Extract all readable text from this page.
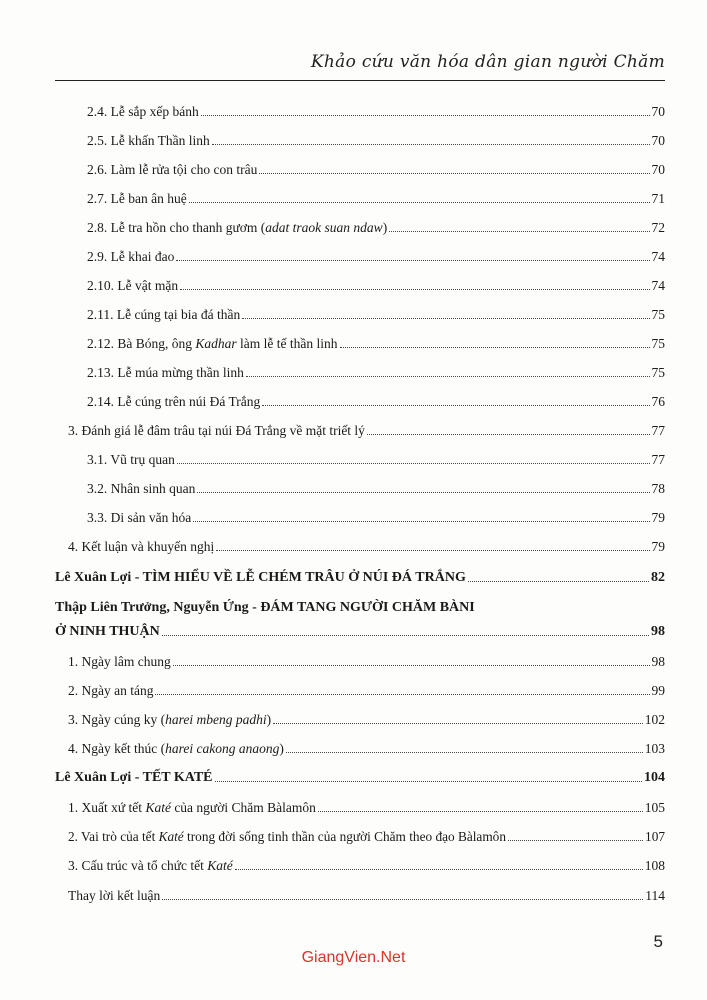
Khảo cứu văn hóa dân gian người Chăm
2.4. Lễ sắp xếp bánh	70
2.5. Lễ khấn Thần linh	70
2.6. Làm lễ rửa tội cho con trâu	70
2.7. Lễ ban ân huệ	71
2.8. Lễ tra hồn cho thanh gươm (adat traok suan ndaw)	72
2.9. Lễ khai đao	74
2.10. Lễ vật mặn	74
2.11. Lễ cúng tại bia đá thần	75
2.12. Bà Bóng, ông Kadhar làm lễ tế thần linh	75
2.13. Lễ múa mừng thần linh	75
2.14. Lễ cúng trên núi Đá Trắng	76
3. Đánh giá lễ đâm trâu tại núi Đá Trắng về mặt triết lý	77
3.1. Vũ trụ quan	77
3.2. Nhân sinh quan	78
3.3. Di sản văn hóa	79
4. Kết luận và khuyến nghị	79
Lê Xuân Lợi - TÌM HIỂU VỀ LỄ CHÉM TRÂU Ở NÚI ĐÁ TRẮNG	82
Thập Liên Trưởng, Nguyễn Ứng - ĐÁM TANG NGƯỜI CHĂM BÀNI
Ở NINH THUẬN	98
1. Ngày lâm chung	98
2. Ngày an táng	99
3. Ngày cúng ky (harei mbeng padhi)	102
4. Ngày kết thúc (harei cakong anaong)	103
Lê Xuân Lợi - TẾT KATÉ	104
1. Xuất xứ tết Katé của người Chăm Bàlamôn	105
2. Vai trò của tết Katé trong đời sống tinh thần của người Chăm theo đạo Bàlamôn	107
3. Cấu trúc và tổ chức tết Katé	108
Thay lời kết luận	114
5
GiangVien.Net
